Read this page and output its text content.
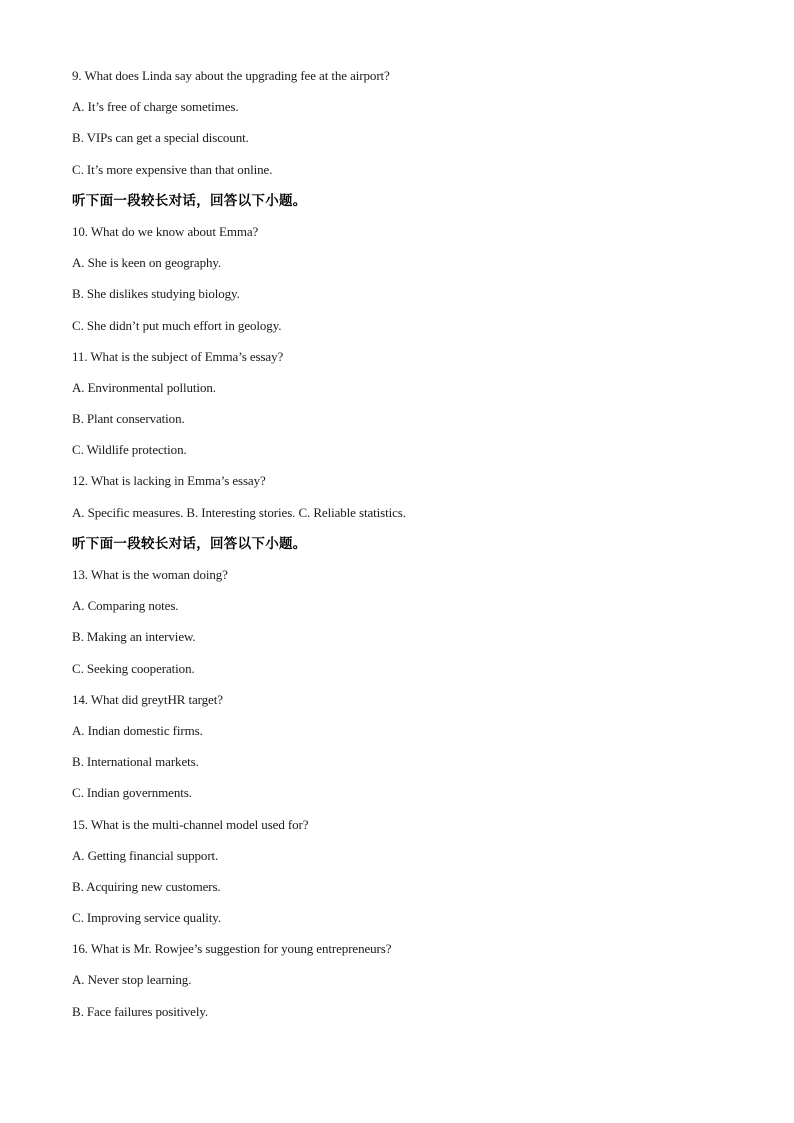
9. What does Linda say about the upgrading fee at the airport?
A. It’s free of charge sometimes.
B. VIPs can get a special discount.
C. It’s more expensive than that online.
听下面一段较长对话，回答以下小题。
10. What do we know about Emma?
A. She is keen on geography.
B. She dislikes studying biology.
C. She didn’t put much effort in geology.
11. What is the subject of Emma’s essay?
A. Environmental pollution.
B. Plant conservation.
C. Wildlife protection.
12. What is lacking in Emma’s essay?
A. Specific measures. B. Interesting stories. C. Reliable statistics.
听下面一段较长对话，回答以下小题。
13. What is the woman doing?
A. Comparing notes.
B. Making an interview.
C. Seeking cooperation.
14. What did greytHR target?
A. Indian domestic firms.
B. International markets.
C. Indian governments.
15. What is the multi-channel model used for?
A. Getting financial support.
B. Acquiring new customers.
C. Improving service quality.
16. What is Mr. Rowjee’s suggestion for young entrepreneurs?
A. Never stop learning.
B. Face failures positively.
